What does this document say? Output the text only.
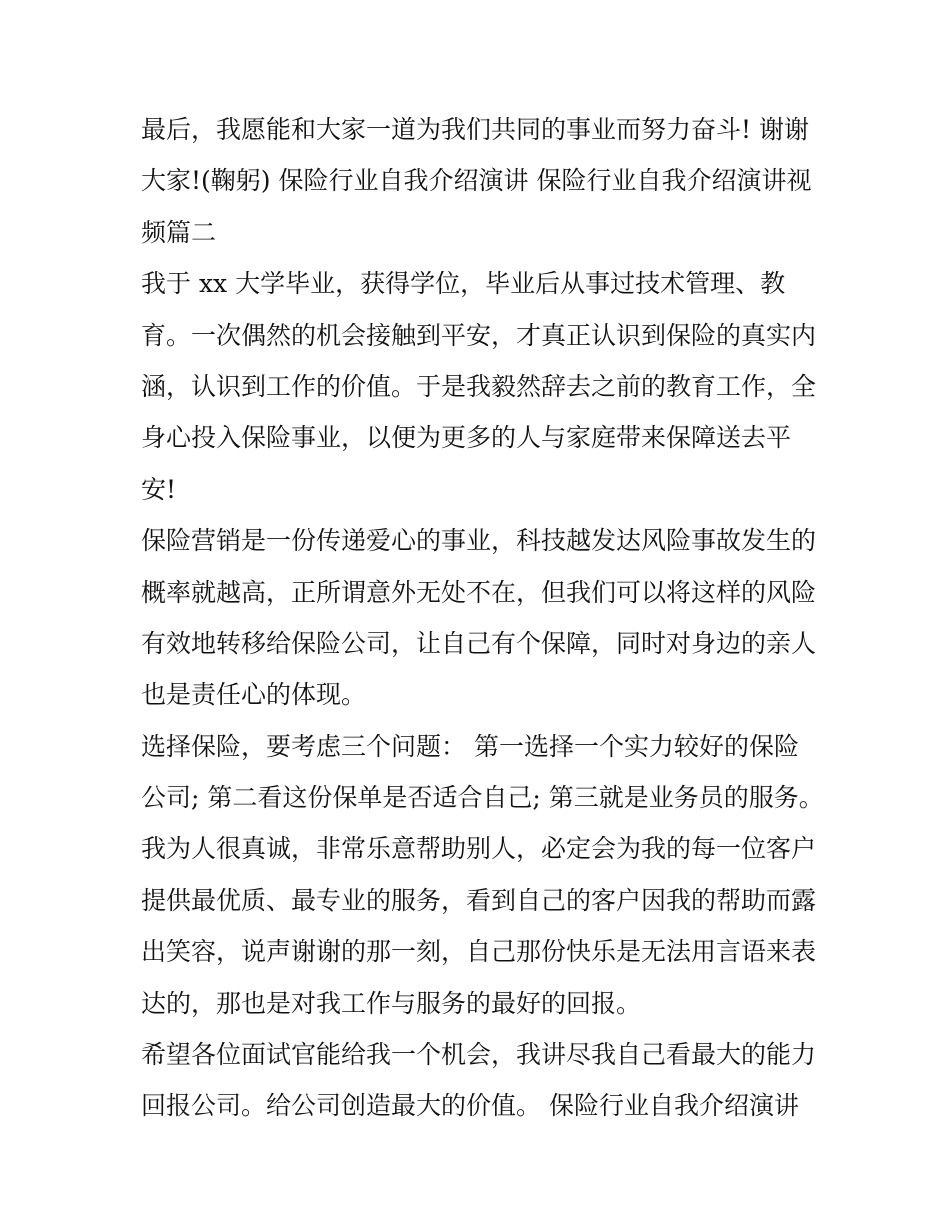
最后，我愿能和大家一道为我们共同的事业而努力奋斗! 谢谢
大家!(鞠躬) 保险行业自我介绍演讲 保险行业自我介绍演讲视
频篇二
我于 xx 大学毕业，获得学位，毕业后从事过技术管理、教
育。一次偶然的机会接触到平安，才真正认识到保险的真实内
涵，认识到工作的价值。于是我毅然辞去之前的教育工作，全
身心投入保险事业，以便为更多的人与家庭带来保障送去平
安!
保险营销是一份传递爱心的事业，科技越发达风险事故发生的
概率就越高，正所谓意外无处不在，但我们可以将这样的风险
有效地转移给保险公司，让自己有个保障，同时对身边的亲人
也是责任心的体现。
选择保险，要考虑三个问题： 第一选择一个实力较好的保险
公司; 第二看这份保单是否适合自己; 第三就是业务员的服务。
我为人很真诚，非常乐意帮助别人，必定会为我的每一位客户
提供最优质、最专业的服务，看到自己的客户因我的帮助而露
出笑容，说声谢谢的那一刻，自己那份快乐是无法用言语来表
达的，那也是对我工作与服务的最好的回报。
希望各位面试官能给我一个机会，我讲尽我自己看最大的能力
回报公司。给公司创造最大的价值。 保险行业自我介绍演讲
